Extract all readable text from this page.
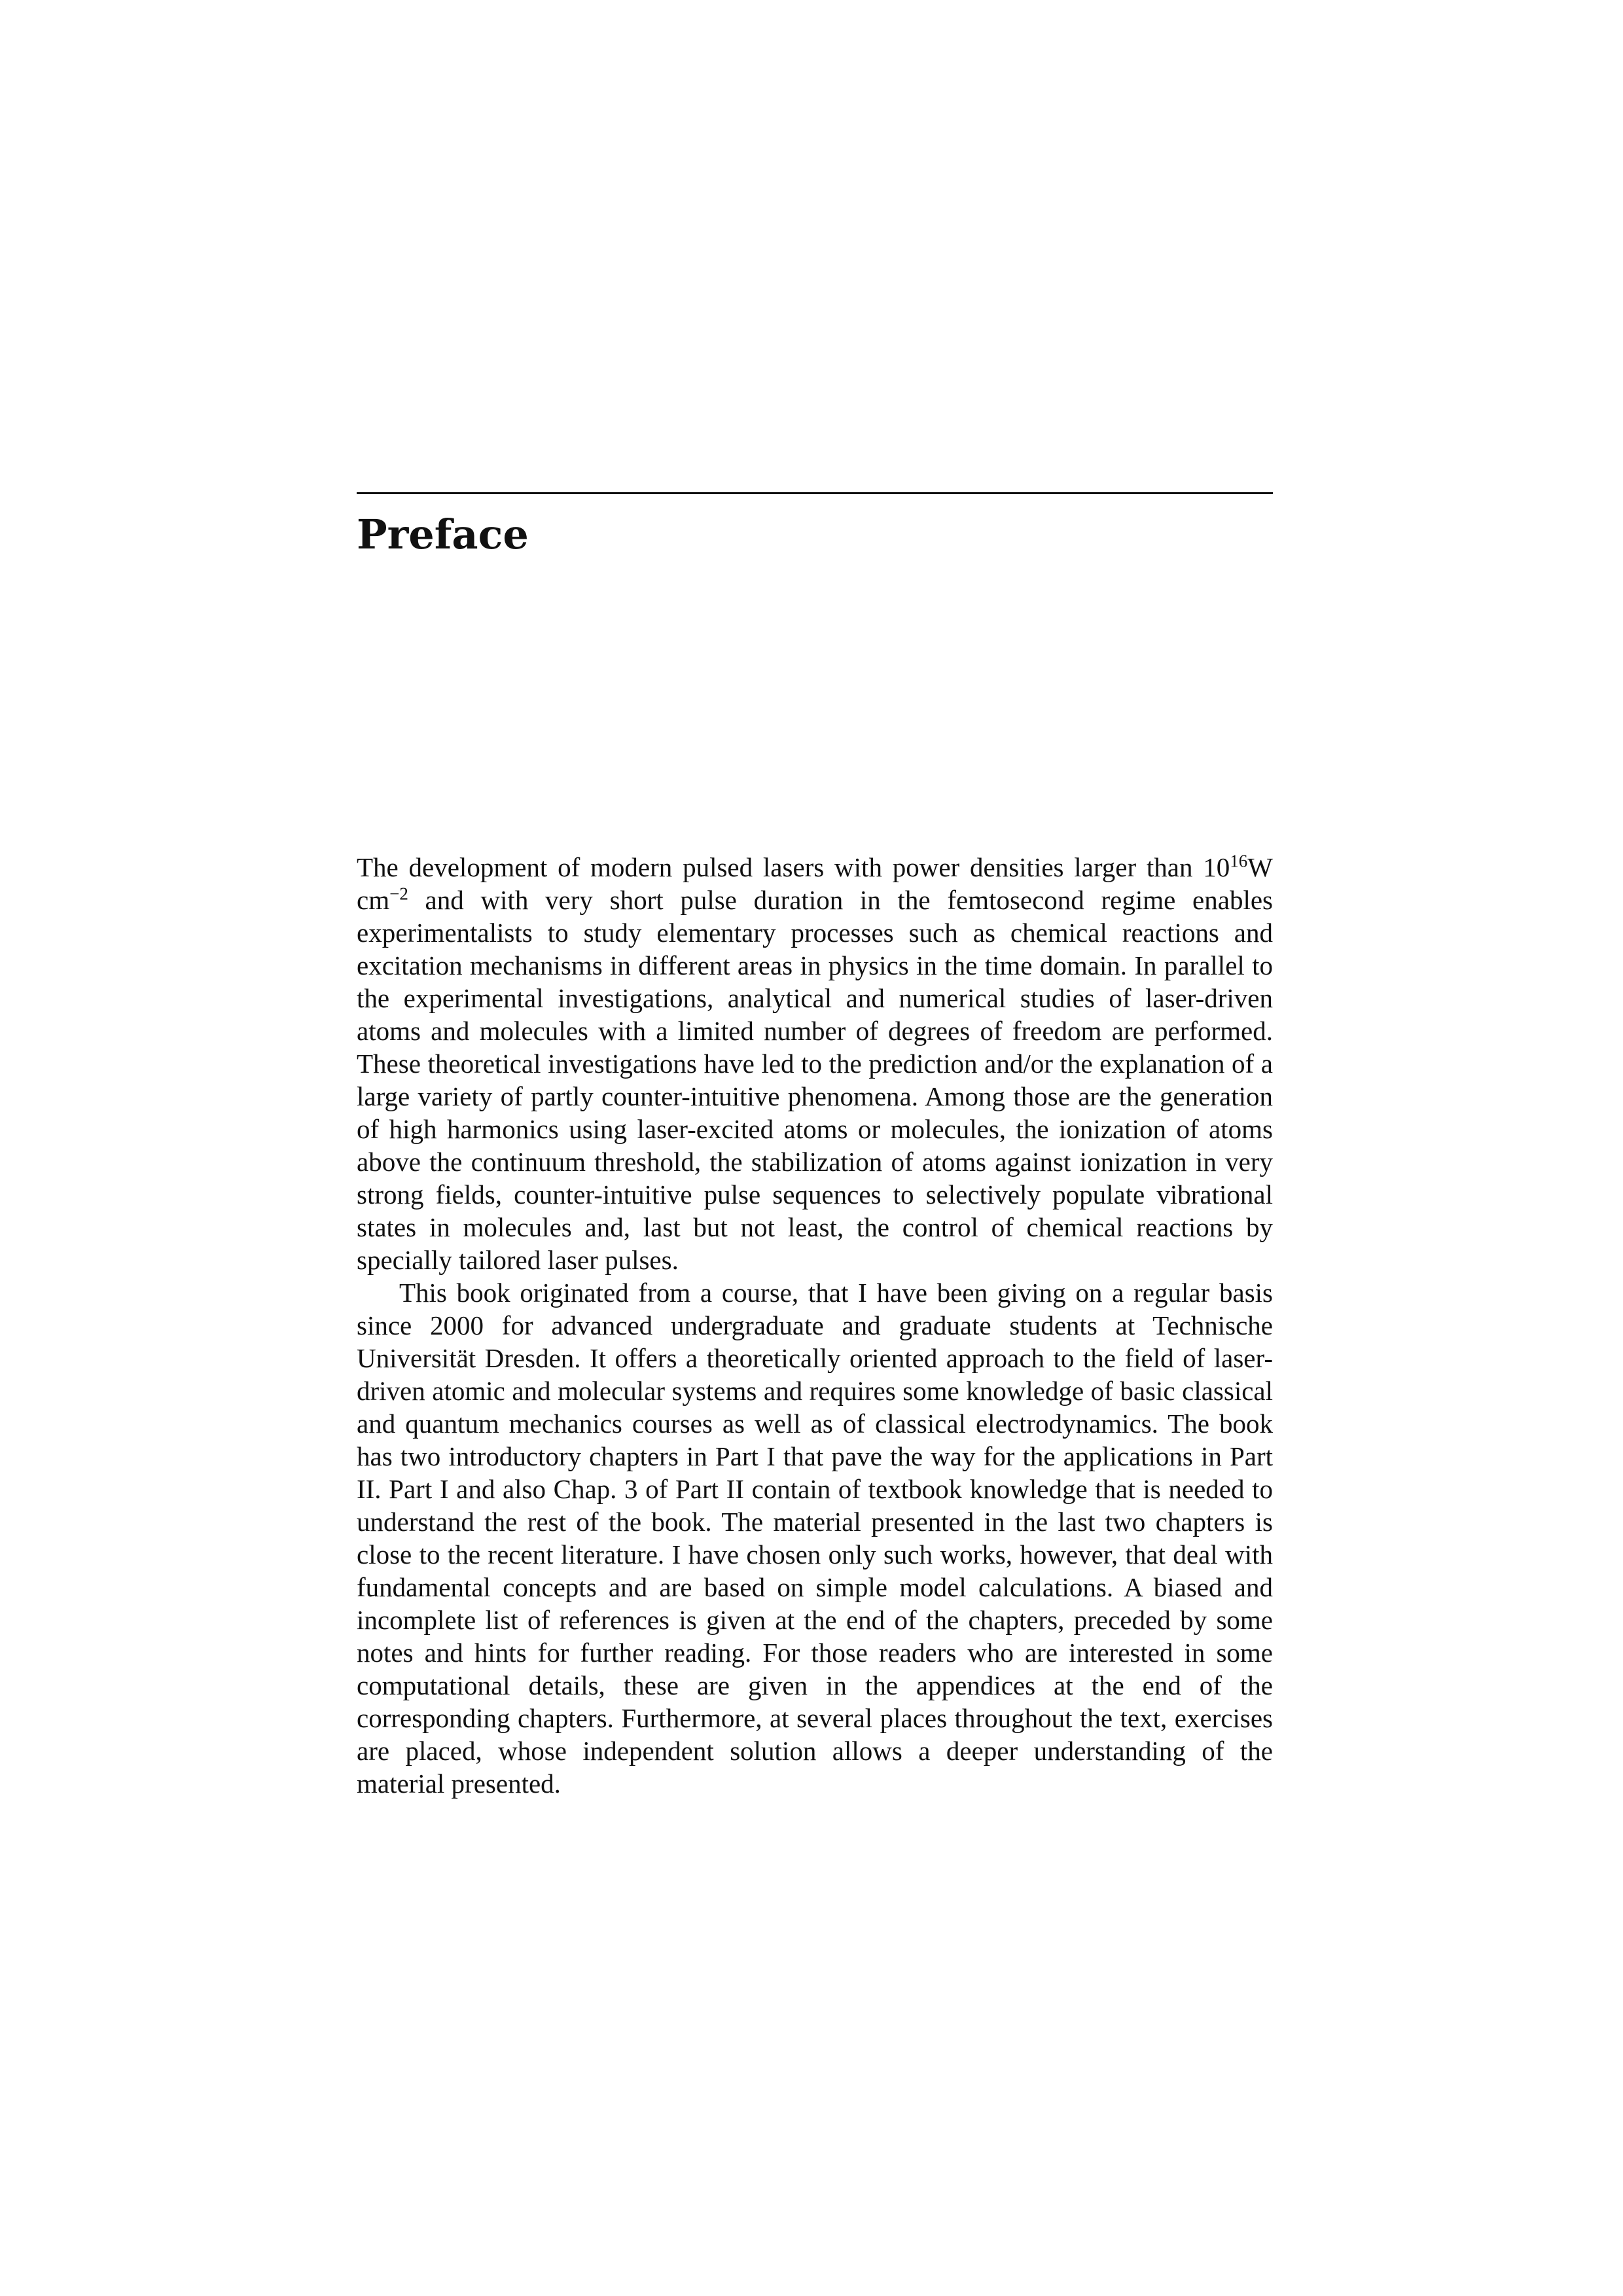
Preface

The development of modern pulsed lasers with power densities larger than $10^{16}W$ $cm^{-2}$ and with very short pulse duration in the femtosecond regime enables experimentalists to study elementary processes such as chemical reactions and excitation mechanisms in different areas in physics in the time domain. In parallel to the experimental investigations, analytical and numerical studies of laser-driven atoms and molecules with a limited number of degrees of freedom are performed. These theoretical investigations have led to the prediction and/or the explanation of a large variety of partly counter-intuitive phenomena. Among those are the generation of high harmonics using laser-excited atoms or molecules, the ionization of atoms above the continuum threshold, the stabilization of atoms against ionization in very strong fields, counter-intuitive pulse sequences to selectively populate vibrational states in molecules and, last but not least, the control of chemical reactions by specially tailored laser pulses.

This book originated from a course, that I have been giving on a regular basis since 2000 for advanced undergraduate and graduate students at Technische Universität Dresden. It offers a theoretically oriented approach to the field of laser-driven atomic and molecular systems and requires some knowledge of basic classical and quantum mechanics courses as well as of classical electrodynamics. The book has two introductory chapters in Part I that pave the way for the applications in Part II. Part I and also Chap. 3 of Part II contain of textbook knowledge that is needed to understand the rest of the book. The material presented in the last two chapters is close to the recent literature. I have chosen only such works, however, that deal with fundamental concepts and are based on simple model calculations. A biased and incomplete list of references is given at the end of the chapters, preceded by some notes and hints for further reading. For those readers who are interested in some computational details, these are given in the appendices at the end of the corresponding chapters. Furthermore, at several places throughout the text, exercises are placed, whose independent solution allows a deeper understanding of the material presented.
